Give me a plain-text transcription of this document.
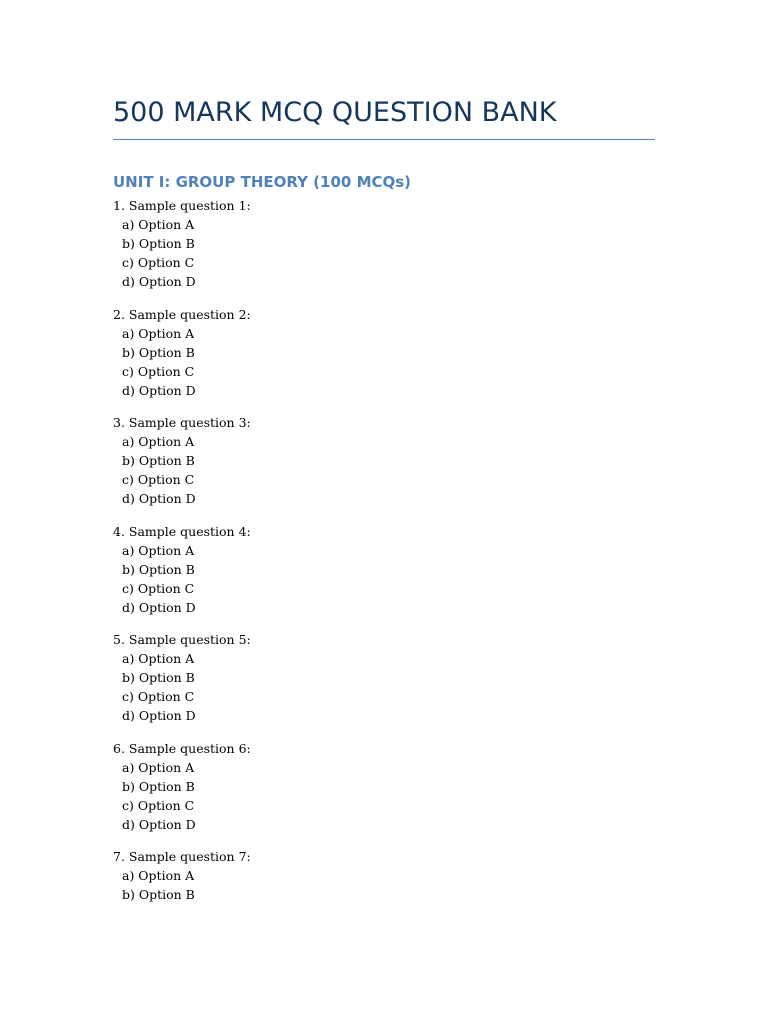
500 MARK MCQ QUESTION BANK
UNIT I: GROUP THEORY (100 MCQs)
1. Sample question 1:
a) Option A
b) Option B
c) Option C
d) Option D
2. Sample question 2:
a) Option A
b) Option B
c) Option C
d) Option D
3. Sample question 3:
a) Option A
b) Option B
c) Option C
d) Option D
4. Sample question 4:
a) Option A
b) Option B
c) Option C
d) Option D
5. Sample question 5:
a) Option A
b) Option B
c) Option C
d) Option D
6. Sample question 6:
a) Option A
b) Option B
c) Option C
d) Option D
7. Sample question 7:
a) Option A
b) Option B
